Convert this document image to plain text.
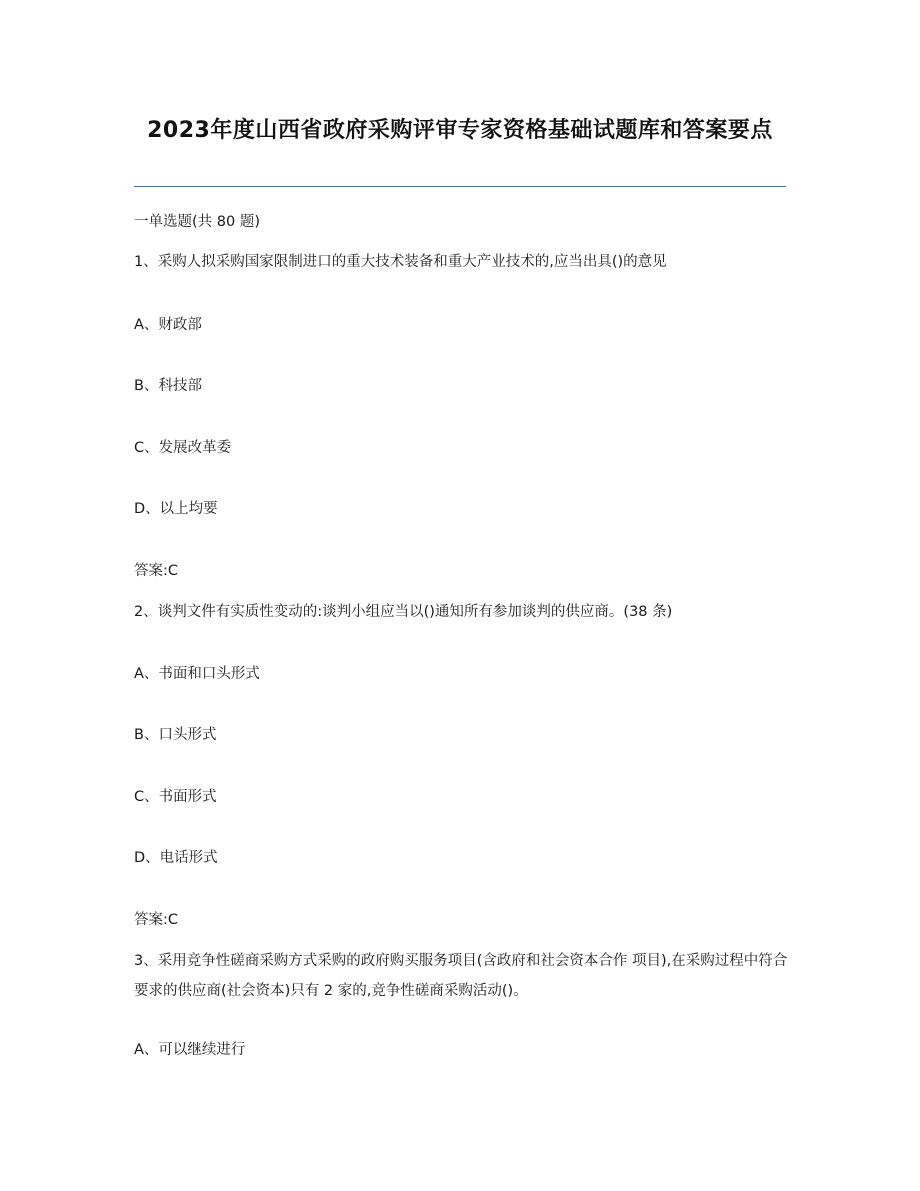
2023年度山西省政府采购评审专家资格基础试题库和答案要点
一单选题(共 80 题)
1、采购人拟采购国家限制进口的重大技术装备和重大产业技术的,应当出具()的意见
A、财政部
B、科技部
C、发展改革委
D、以上均要
答案:C
2、谈判文件有实质性变动的:谈判小组应当以()通知所有参加谈判的供应商。(38 条)
A、书面和口头形式
B、口头形式
C、书面形式
D、电话形式
答案:C
3、采用竞争性磋商采购方式采购的政府购买服务项目(含政府和社会资本合作 项目),在采购过程中符合要求的供应商(社会资本)只有 2 家的,竞争性磋商采购活动()。
A、可以继续进行
